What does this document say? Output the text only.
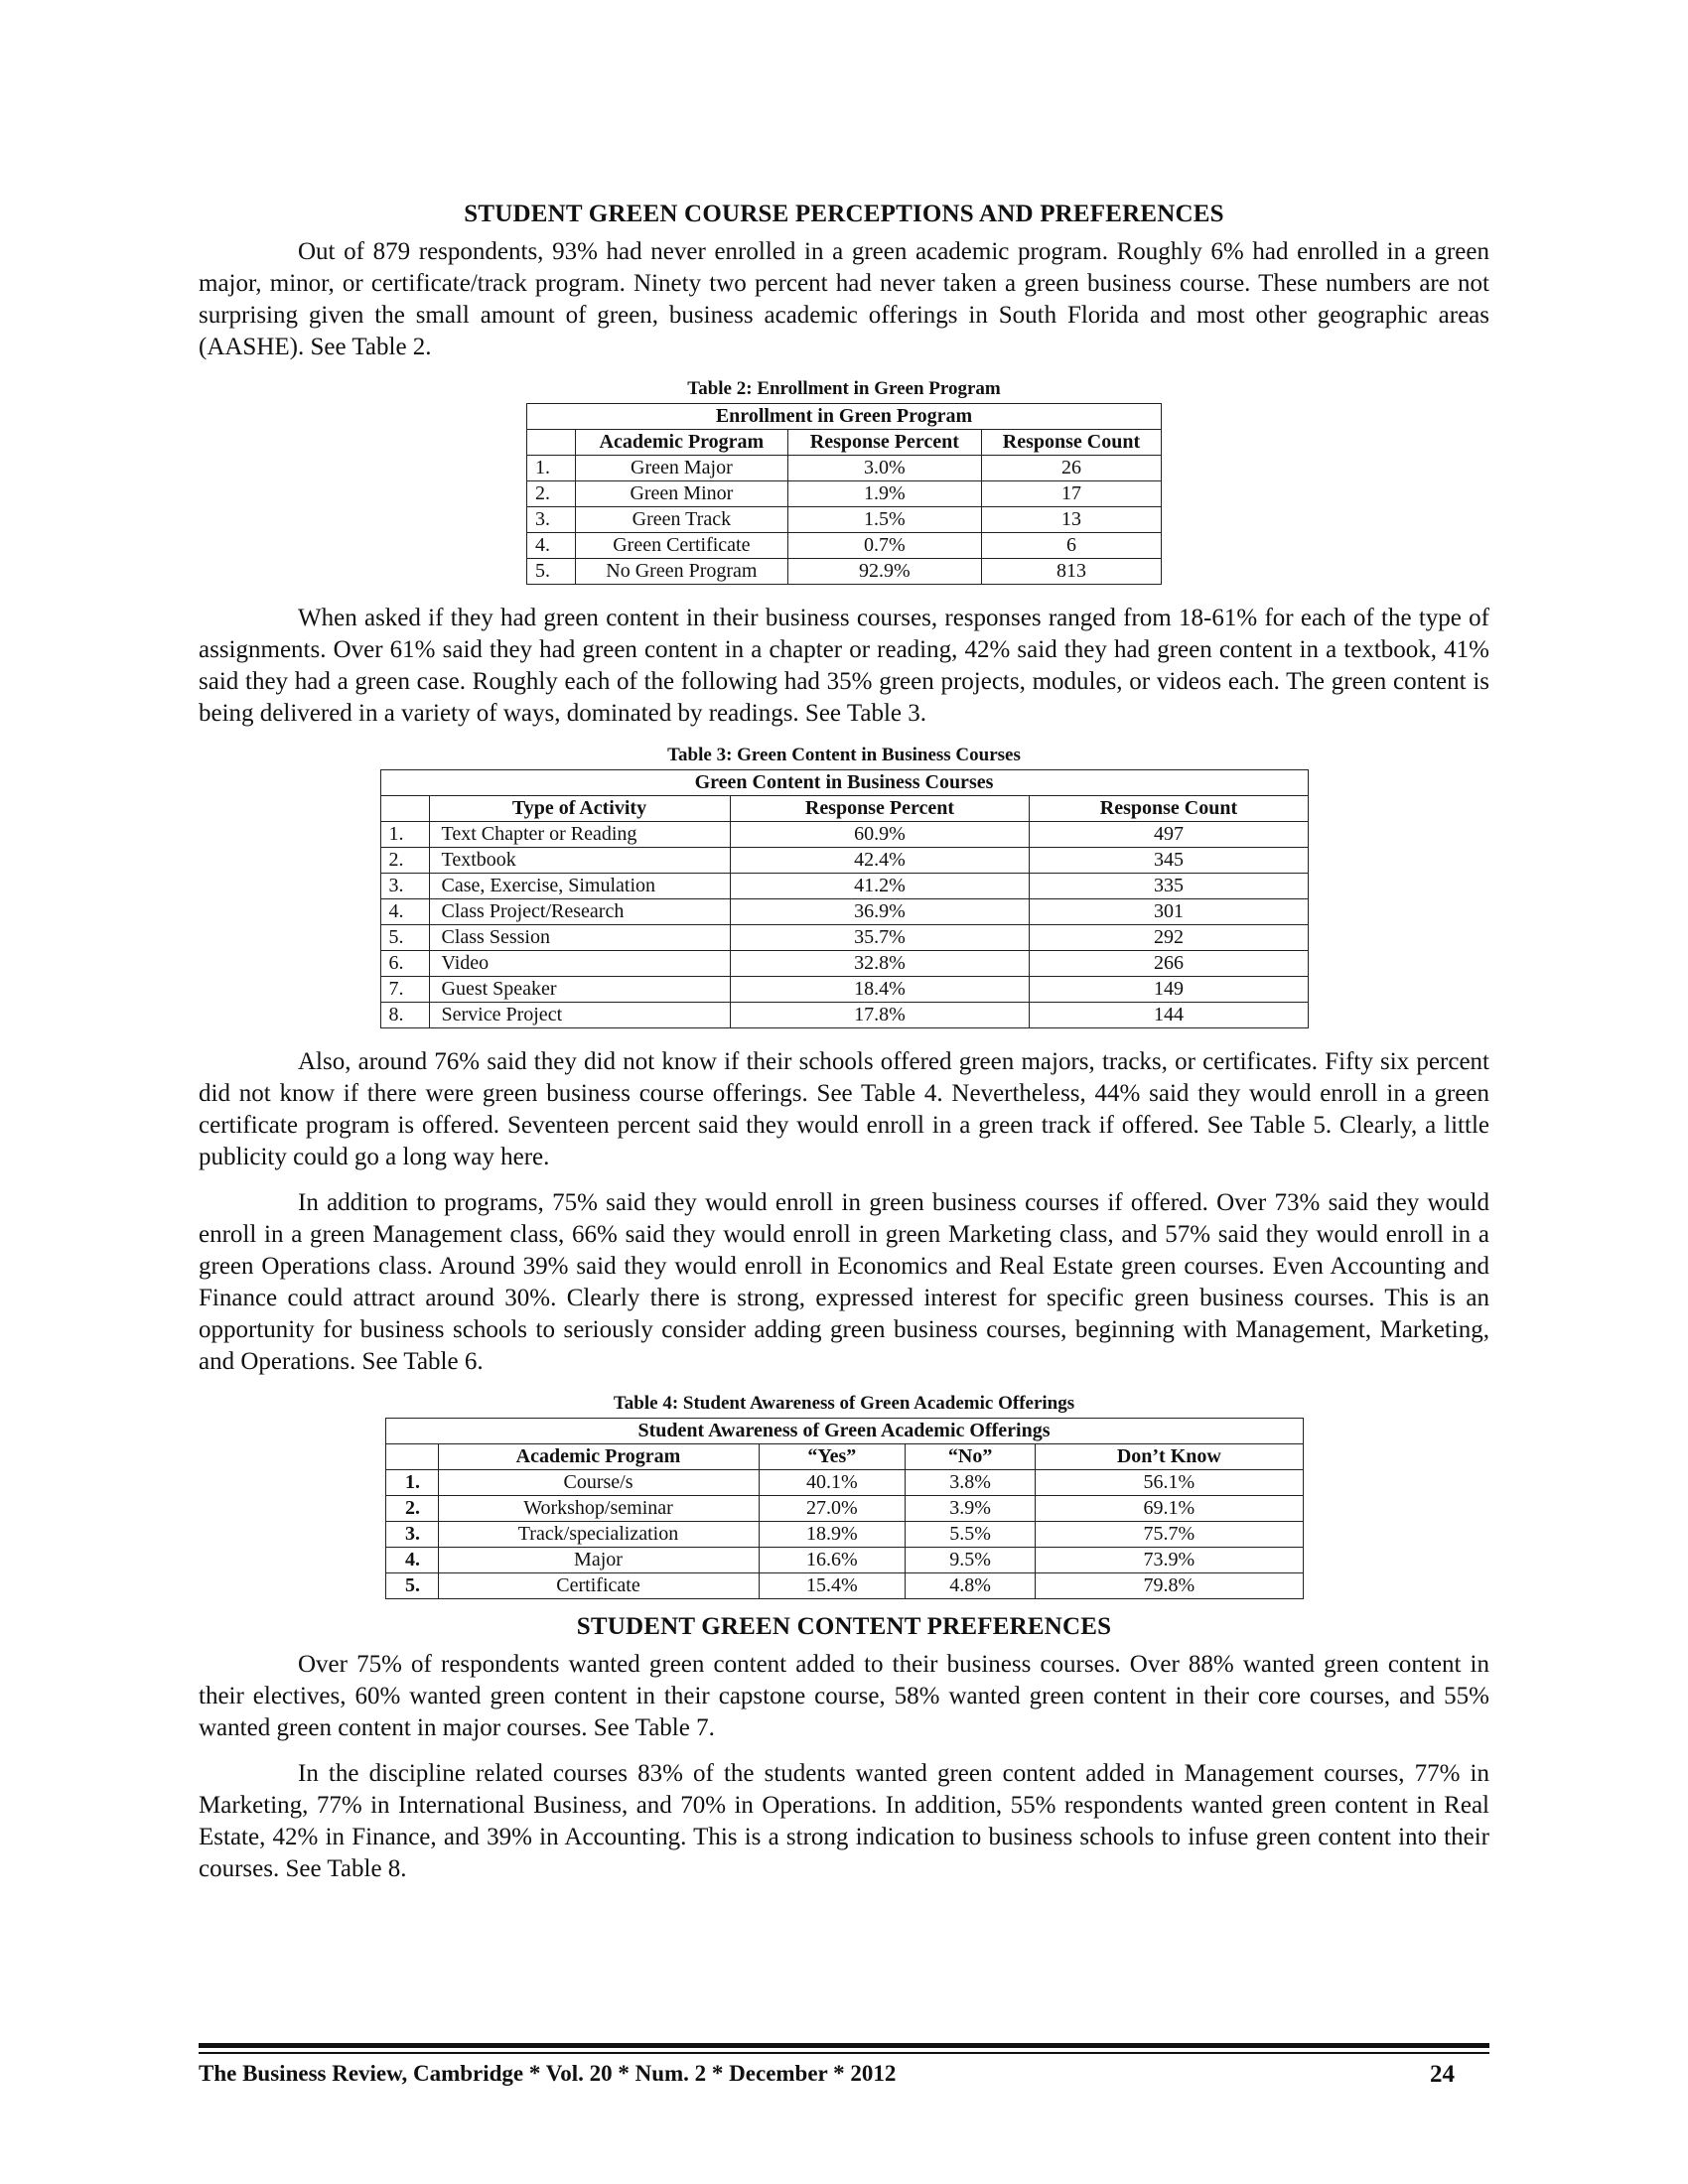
STUDENT GREEN COURSE PERCEPTIONS AND PREFERENCES

Out of 879 respondents, 93% had never enrolled in a green academic program. Roughly 6% had enrolled in a green major, minor, or certificate/track program. Ninety two percent had never taken a green business course. These numbers are not surprising given the small amount of green, business academic offerings in South Florida and most other geographic areas (AASHE). See Table 2.

Table 2: Enrollment in Green Program
Enrollment in Green Program			
	Academic Program	Response Percent	Response Count
1.	Green Major	3.0%	26
2.	Green Minor	1.9%	17
3.	Green Track	1.5%	13
4.	Green Certificate	0.7%	6
5.	No Green Program	92.9%	813

When asked if they had green content in their business courses, responses ranged from 18-61% for each of the type of assignments. Over 61% said they had green content in a chapter or reading, 42% said they had green content in a textbook, 41% said they had a green case. Roughly each of the following had 35% green projects, modules, or videos each. The green content is being delivered in a variety of ways, dominated by readings. See Table 3.

Table 3: Green Content in Business Courses
Green Content in Business Courses			
	Type of Activity	Response Percent	Response Count
1.	Text Chapter or Reading	60.9%	497
2.	Textbook	42.4%	345
3.	Case, Exercise, Simulation	41.2%	335
4.	Class Project/Research	36.9%	301
5.	Class Session	35.7%	292
6.	Video	32.8%	266
7.	Guest Speaker	18.4%	149
8.	Service Project	17.8%	144

Also, around 76% said they did not know if their schools offered green majors, tracks, or certificates. Fifty six percent did not know if there were green business course offerings. See Table 4. Nevertheless, 44% said they would enroll in a green certificate program is offered. Seventeen percent said they would enroll in a green track if offered. See Table 5. Clearly, a little publicity could go a long way here.

In addition to programs, 75% said they would enroll in green business courses if offered. Over 73% said they would enroll in a green Management class, 66% said they would enroll in green Marketing class, and 57% said they would enroll in a green Operations class. Around 39% said they would enroll in Economics and Real Estate green courses. Even Accounting and Finance could attract around 30%. Clearly there is strong, expressed interest for specific green business courses. This is an opportunity for business schools to seriously consider adding green business courses, beginning with Management, Marketing, and Operations. See Table 6.

Table 4: Student Awareness of Green Academic Offerings
Student Awareness of Green Academic Offerings				
	Academic Program	“Yes”	“No”	Don’t Know
1.	Course/s	40.1%	3.8%	56.1%
2.	Workshop/seminar	27.0%	3.9%	69.1%
3.	Track/specialization	18.9%	5.5%	75.7%
4.	Major	16.6%	9.5%	73.9%
5.	Certificate	15.4%	4.8%	79.8%
STUDENT GREEN CONTENT PREFERENCES

Over 75% of respondents wanted green content added to their business courses. Over 88% wanted green content in their electives, 60% wanted green content in their capstone course, 58% wanted green content in their core courses, and 55% wanted green content in major courses. See Table 7.

In the discipline related courses 83% of the students wanted green content added in Management courses, 77% in Marketing, 77% in International Business, and 70% in Operations. In addition, 55% respondents wanted green content in Real Estate, 42% in Finance, and 39% in Accounting. This is a strong indication to business schools to infuse green content into their courses. See Table 8.

The Business Review, Cambridge * Vol. 20 * Num. 2 * December * 2012	24
